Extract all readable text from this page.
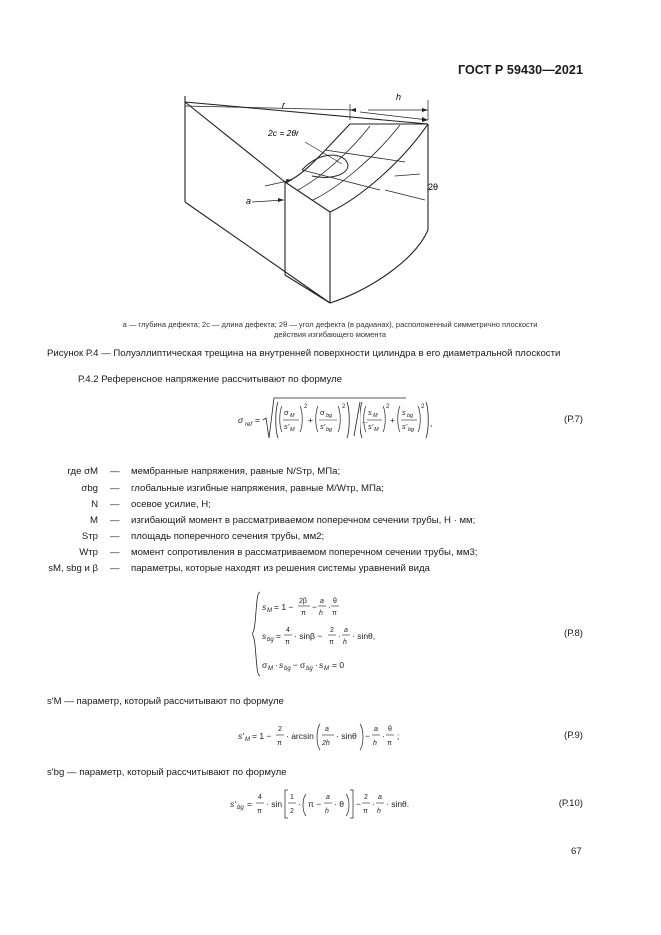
ГОСТ Р 59430—2021
r
h
2c = 2θr
a
2θ
a — глубина дефекта; 2c — длина дефекта; 2θ — угол дефекта (в радианах), расположенный симметрично плоскости
действия изгибающего момента
Рисунок Р.4 — Полуэллиптическая трещина на внутренней поверхности цилиндра в его диаметральной плоскости
Р.4.2 Референсное напряжение рассчитывают по формуле
σ ref =
σ M
s' M
2
+
σ bg
s' bg
2
...
s M
s' M
2
+
s bg
s' bg
2
,	(Р.7)
где σM — мембранные напряжения, равные N/Sтр, МПа;
σbg — глобальные изгибные напряжения, равные M/Wтр, МПа;
N — осевое усилие, Н;
M — изгибающий момент в рассматриваемом поперечном сечении трубы, Н · мм;
Sтр — площадь поперечного сечения трубы, мм2;
Wтр — момент сопротивления в рассматриваемом поперечном сечении трубы, мм3;
sM, sbg и β — параметры, которые находят из решения системы уравнений вида
s M = 1 −
2β
π
−
a
h
·
θ
π
s bg =
4
π
· sinβ −
2
π
·
a
h
· sinθ,
σ M · s bg − σ bg · s M = 0
(Р.8)
s'M — параметр, который рассчитывают по формуле
s' M = 1 −
2
π
· arcsin
a
2h
· sinθ −
a
h
·
θ
π
;	(Р.9)
s'bg — параметр, который рассчитывают по формуле
s' bg =
4
π
· sin
1
2
· π −
a
h
· θ −
2
π
·
a
h
· sinθ.	(Р.10)
67
